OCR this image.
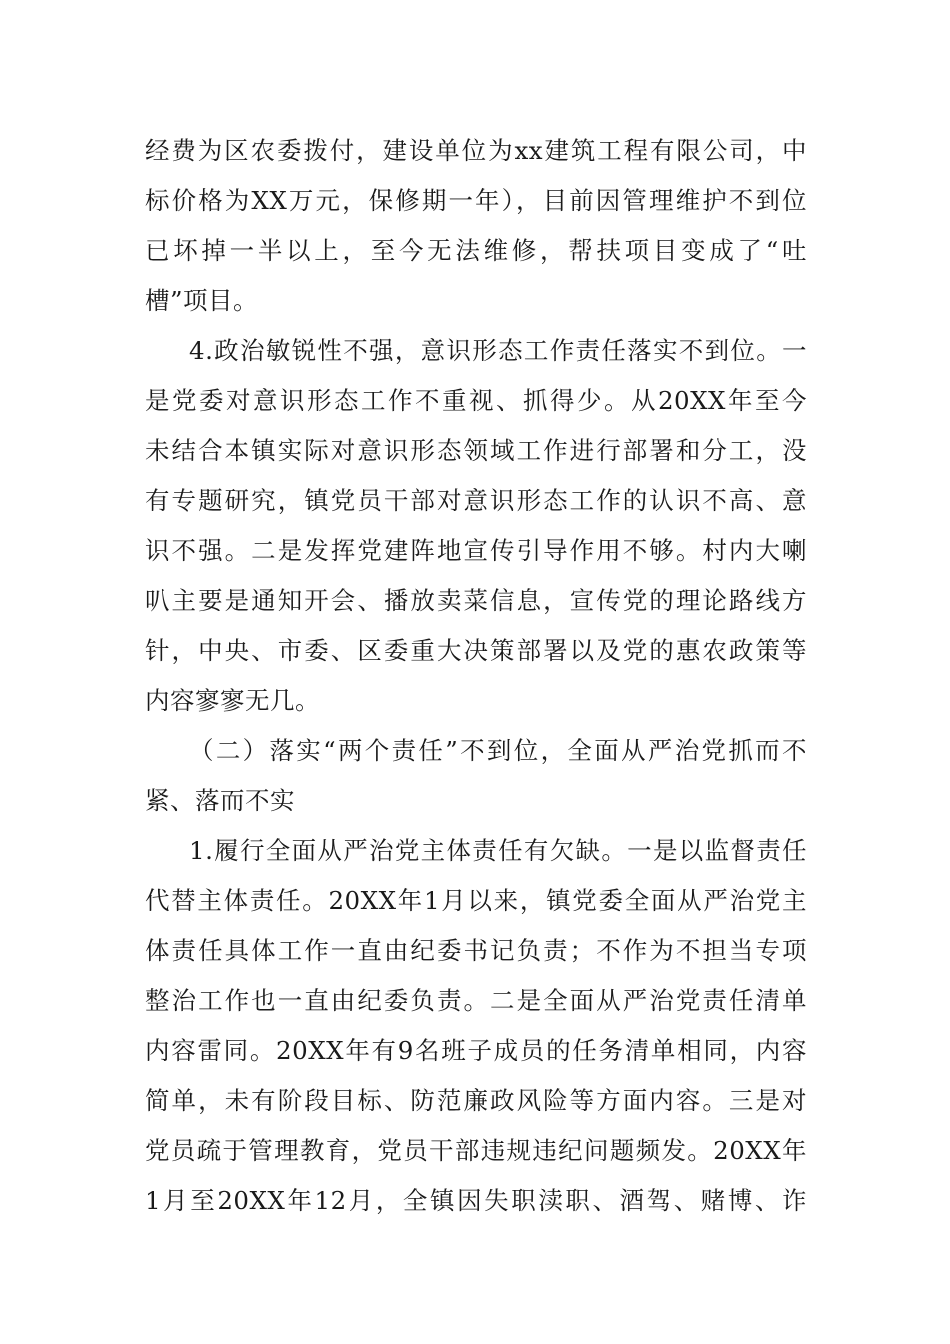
经费为区农委拨付，建设单位为xx建筑工程有限公司，中
标价格为XX万元，保修期一年），目前因管理维护不到位
已坏掉一半以上，至今无法维修，帮扶项目变成了“吐
槽”项目。
4.政治敏锐性不强，意识形态工作责任落实不到位。一
是党委对意识形态工作不重视、抓得少。从20XX年至今
未结合本镇实际对意识形态领域工作进行部署和分工，没
有专题研究，镇党员干部对意识形态工作的认识不高、意
识不强。二是发挥党建阵地宣传引导作用不够。村内大喇
叭主要是通知开会、播放卖菜信息，宣传党的理论路线方
针，中央、市委、区委重大决策部署以及党的惠农政策等
内容寥寥无几。
（二）落实“两个责任”不到位，全面从严治党抓而不
紧、落而不实
1.履行全面从严治党主体责任有欠缺。一是以监督责任
代替主体责任。20XX年1月以来，镇党委全面从严治党主
体责任具体工作一直由纪委书记负责；不作为不担当专项
整治工作也一直由纪委负责。二是全面从严治党责任清单
内容雷同。20XX年有9名班子成员的任务清单相同，内容
简单，未有阶段目标、防范廉政风险等方面内容。三是对
党员疏于管理教育，党员干部违规违纪问题频发。20XX年
1月至20XX年12月，全镇因失职渎职、酒驾、赌博、诈
